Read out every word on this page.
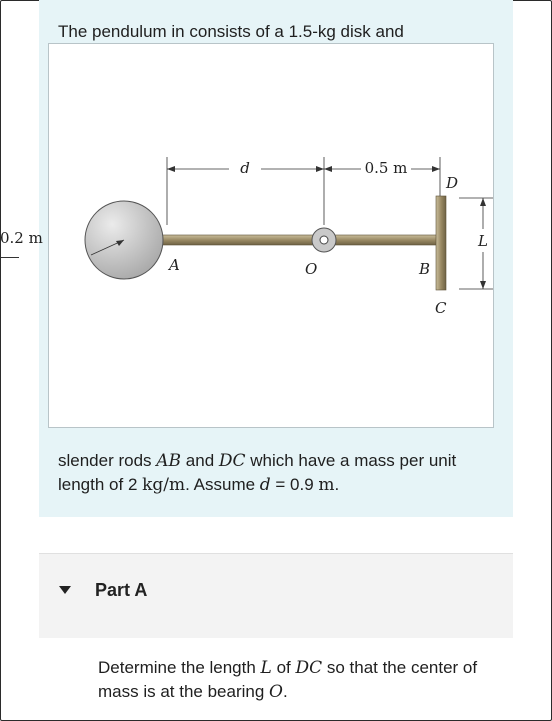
The pendulum in consists of a 1.5-kg disk and
d	0.5 m
D
L
A	O	B
C
0.2 m
slender rods AB and DC which have a mass per unit length of 2 kg/m. Assume d = 0.9 m.
Part A
Determine the length L of DC so that the center of mass is at the bearing O.
